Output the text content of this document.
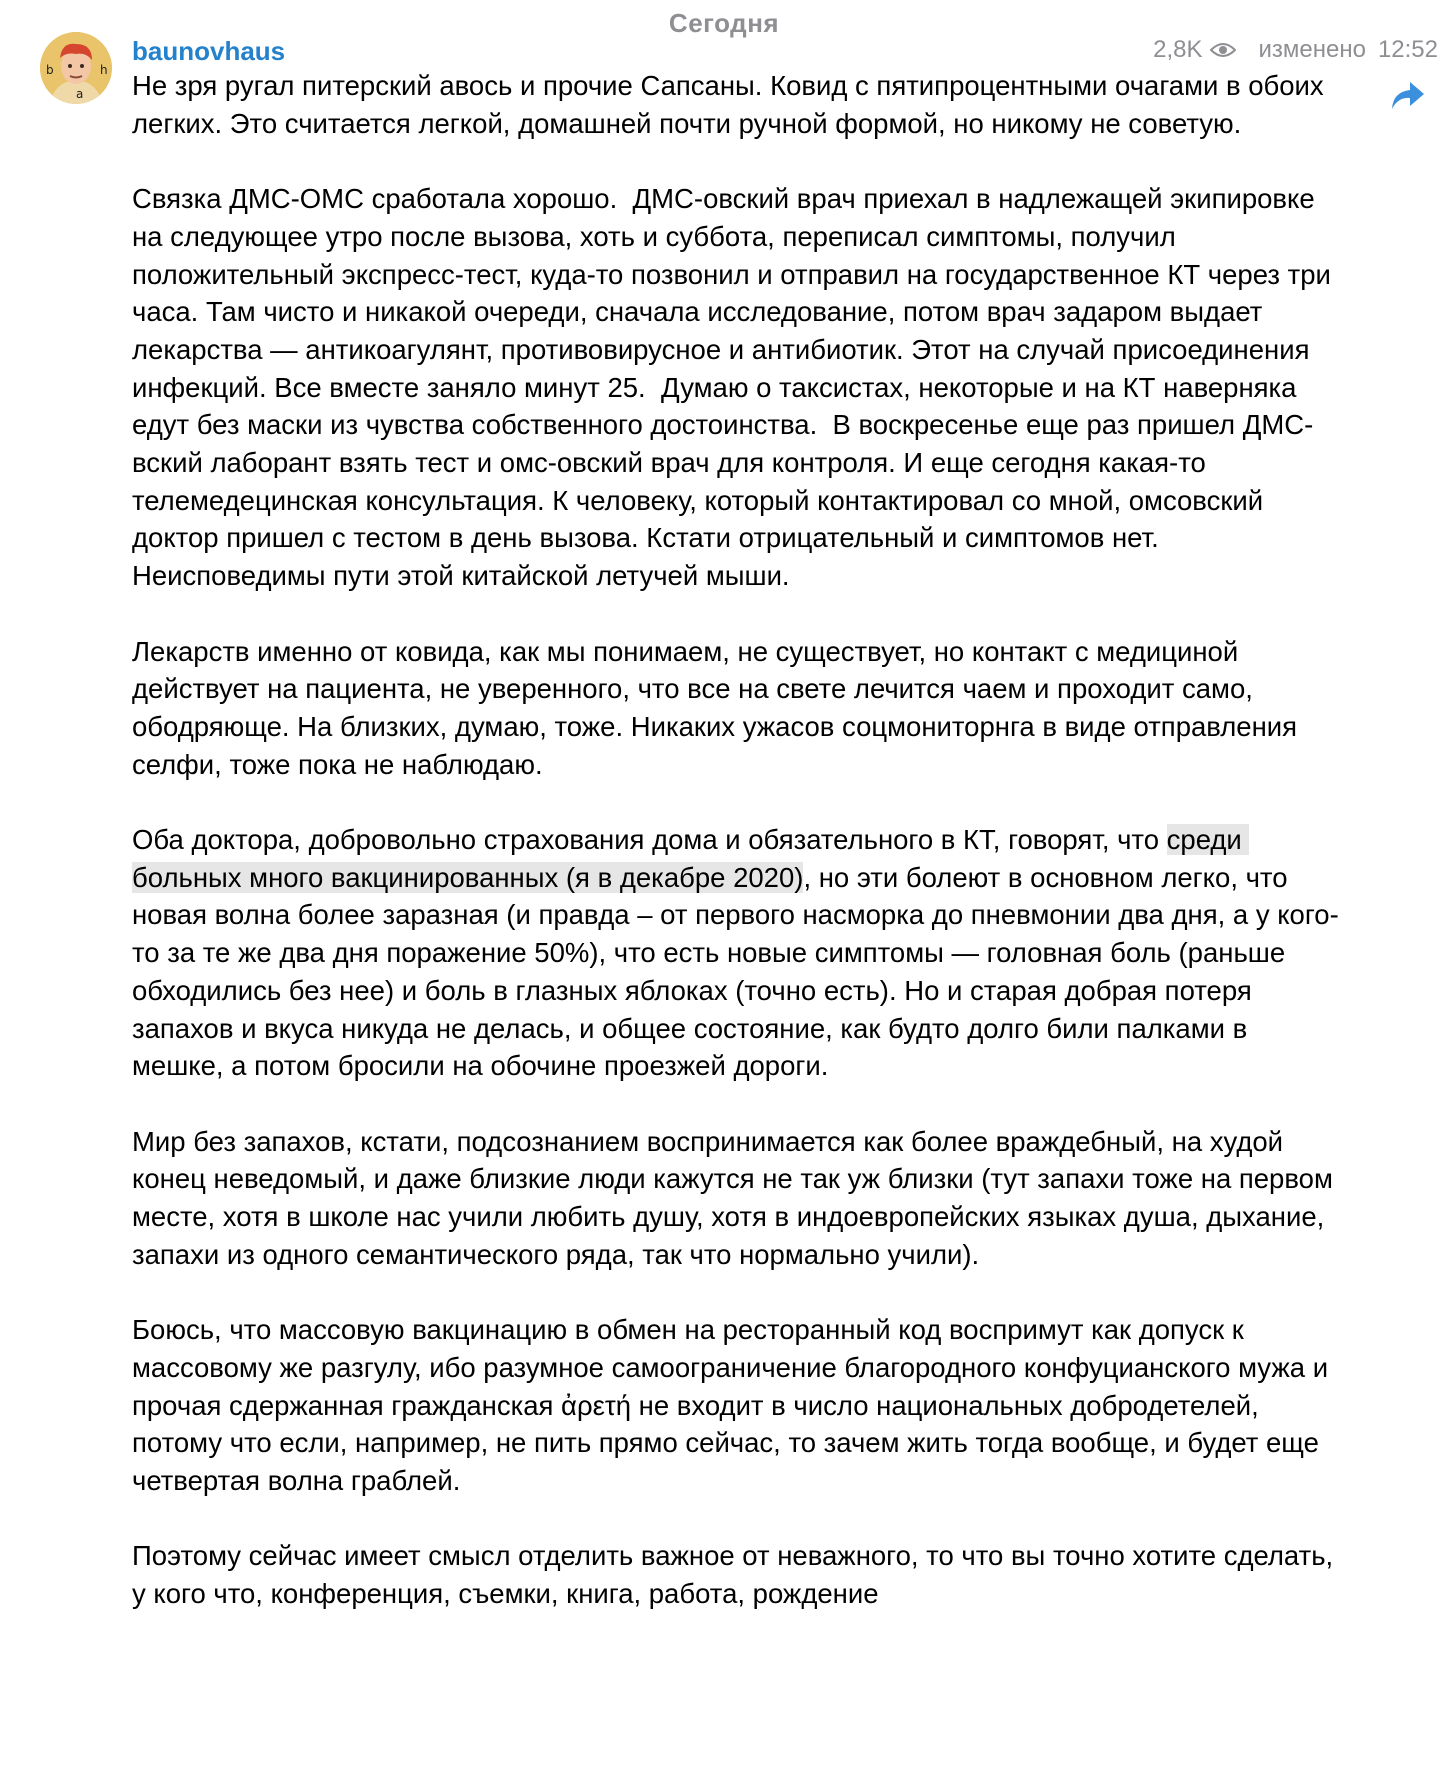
Сегодня
b
a
h
baunovhaus	2,8K изменено 12:52

Не зря ругал питерский авось и прочие Сапсаны. Ковид с пятипроцентными очагами в обоих легких. Это считается легкой, домашней почти ручной формой, но никому не советую.

Связка ДМС-ОМС сработала хорошо.  ДМС-овский врач приехал в надлежащей экипировке на следующее утро после вызова, хоть и суббота, переписал симптомы, получил положительный экспресс-тест, куда-то позвонил и отправил на государственное КТ через три часа. Там чисто и никакой очереди, сначала исследование, потом врач задаром выдает лекарства — антикоагулянт, противовирусное и антибиотик. Этот на случай присоединения инфекций. Все вместе заняло минут 25.  Думаю о таксистах, некоторые и на КТ наверняка едут без маски из чувства собственного достоинства.  В воскресенье еще раз пришел ДМС-вский лаборант взять тест и омс-овский врач для контроля. И еще сегодня какая-то телемедецинская консультация. К человеку, который контактировал со мной, омсовский доктор пришел с тестом в день вызова. Кстати отрицательный и симптомов нет. Неисповедимы пути этой китайской летучей мыши.

Лекарств именно от ковида, как мы понимаем, не существует, но контакт с медициной действует на пациента, не уверенного, что все на свете лечится чаем и проходит само, ободряюще. На близких, думаю, тоже. Никаких ужасов соцмониторнга в виде отправления селфи, тоже пока не наблюдаю.

Оба доктора, добровольно страхования дома и обязательного в КТ, говорят, что среди больных много вакцинированных (я в декабре 2020), но эти болеют в основном легко, что новая волна более заразная (и правда – от первого насморка до пневмонии два дня, а у кого-то за те же два дня поражение 50%), что есть новые симптомы — головная боль (раньше обходились без нее) и боль в глазных яблоках (точно есть). Но и старая добрая потеря запахов и вкуса никуда не делась, и общее состояние, как будто долго били палками в мешке, а потом бросили на обочине проезжей дороги.

Мир без запахов, кстати, подсознанием воспринимается как более враждебный, на худой конец неведомый, и даже близкие люди кажутся не так уж близки (тут запахи тоже на первом месте, хотя в школе нас учили любить душу, хотя в индоевропейских языках душа, дыхание, запахи из одного семантического ряда, так что нормально учили).

Боюсь, что массовую вакцинацию в обмен на ресторанный код воспримут как допуск к массовому же разгулу, ибо разумное самоограничение благородного конфуцианского мужа и прочая сдержанная гражданская ἀρετή не входит в число национальных добродетелей, потому что если, например, не пить прямо сейчас, то зачем жить тогда вообще, и будет еще четвертая волна граблей.

Поэтому сейчас имеет смысл отделить важное от неважного, то что вы точно хотите сделать, у кого что, конференция, съемки, книга, работа, рождение
